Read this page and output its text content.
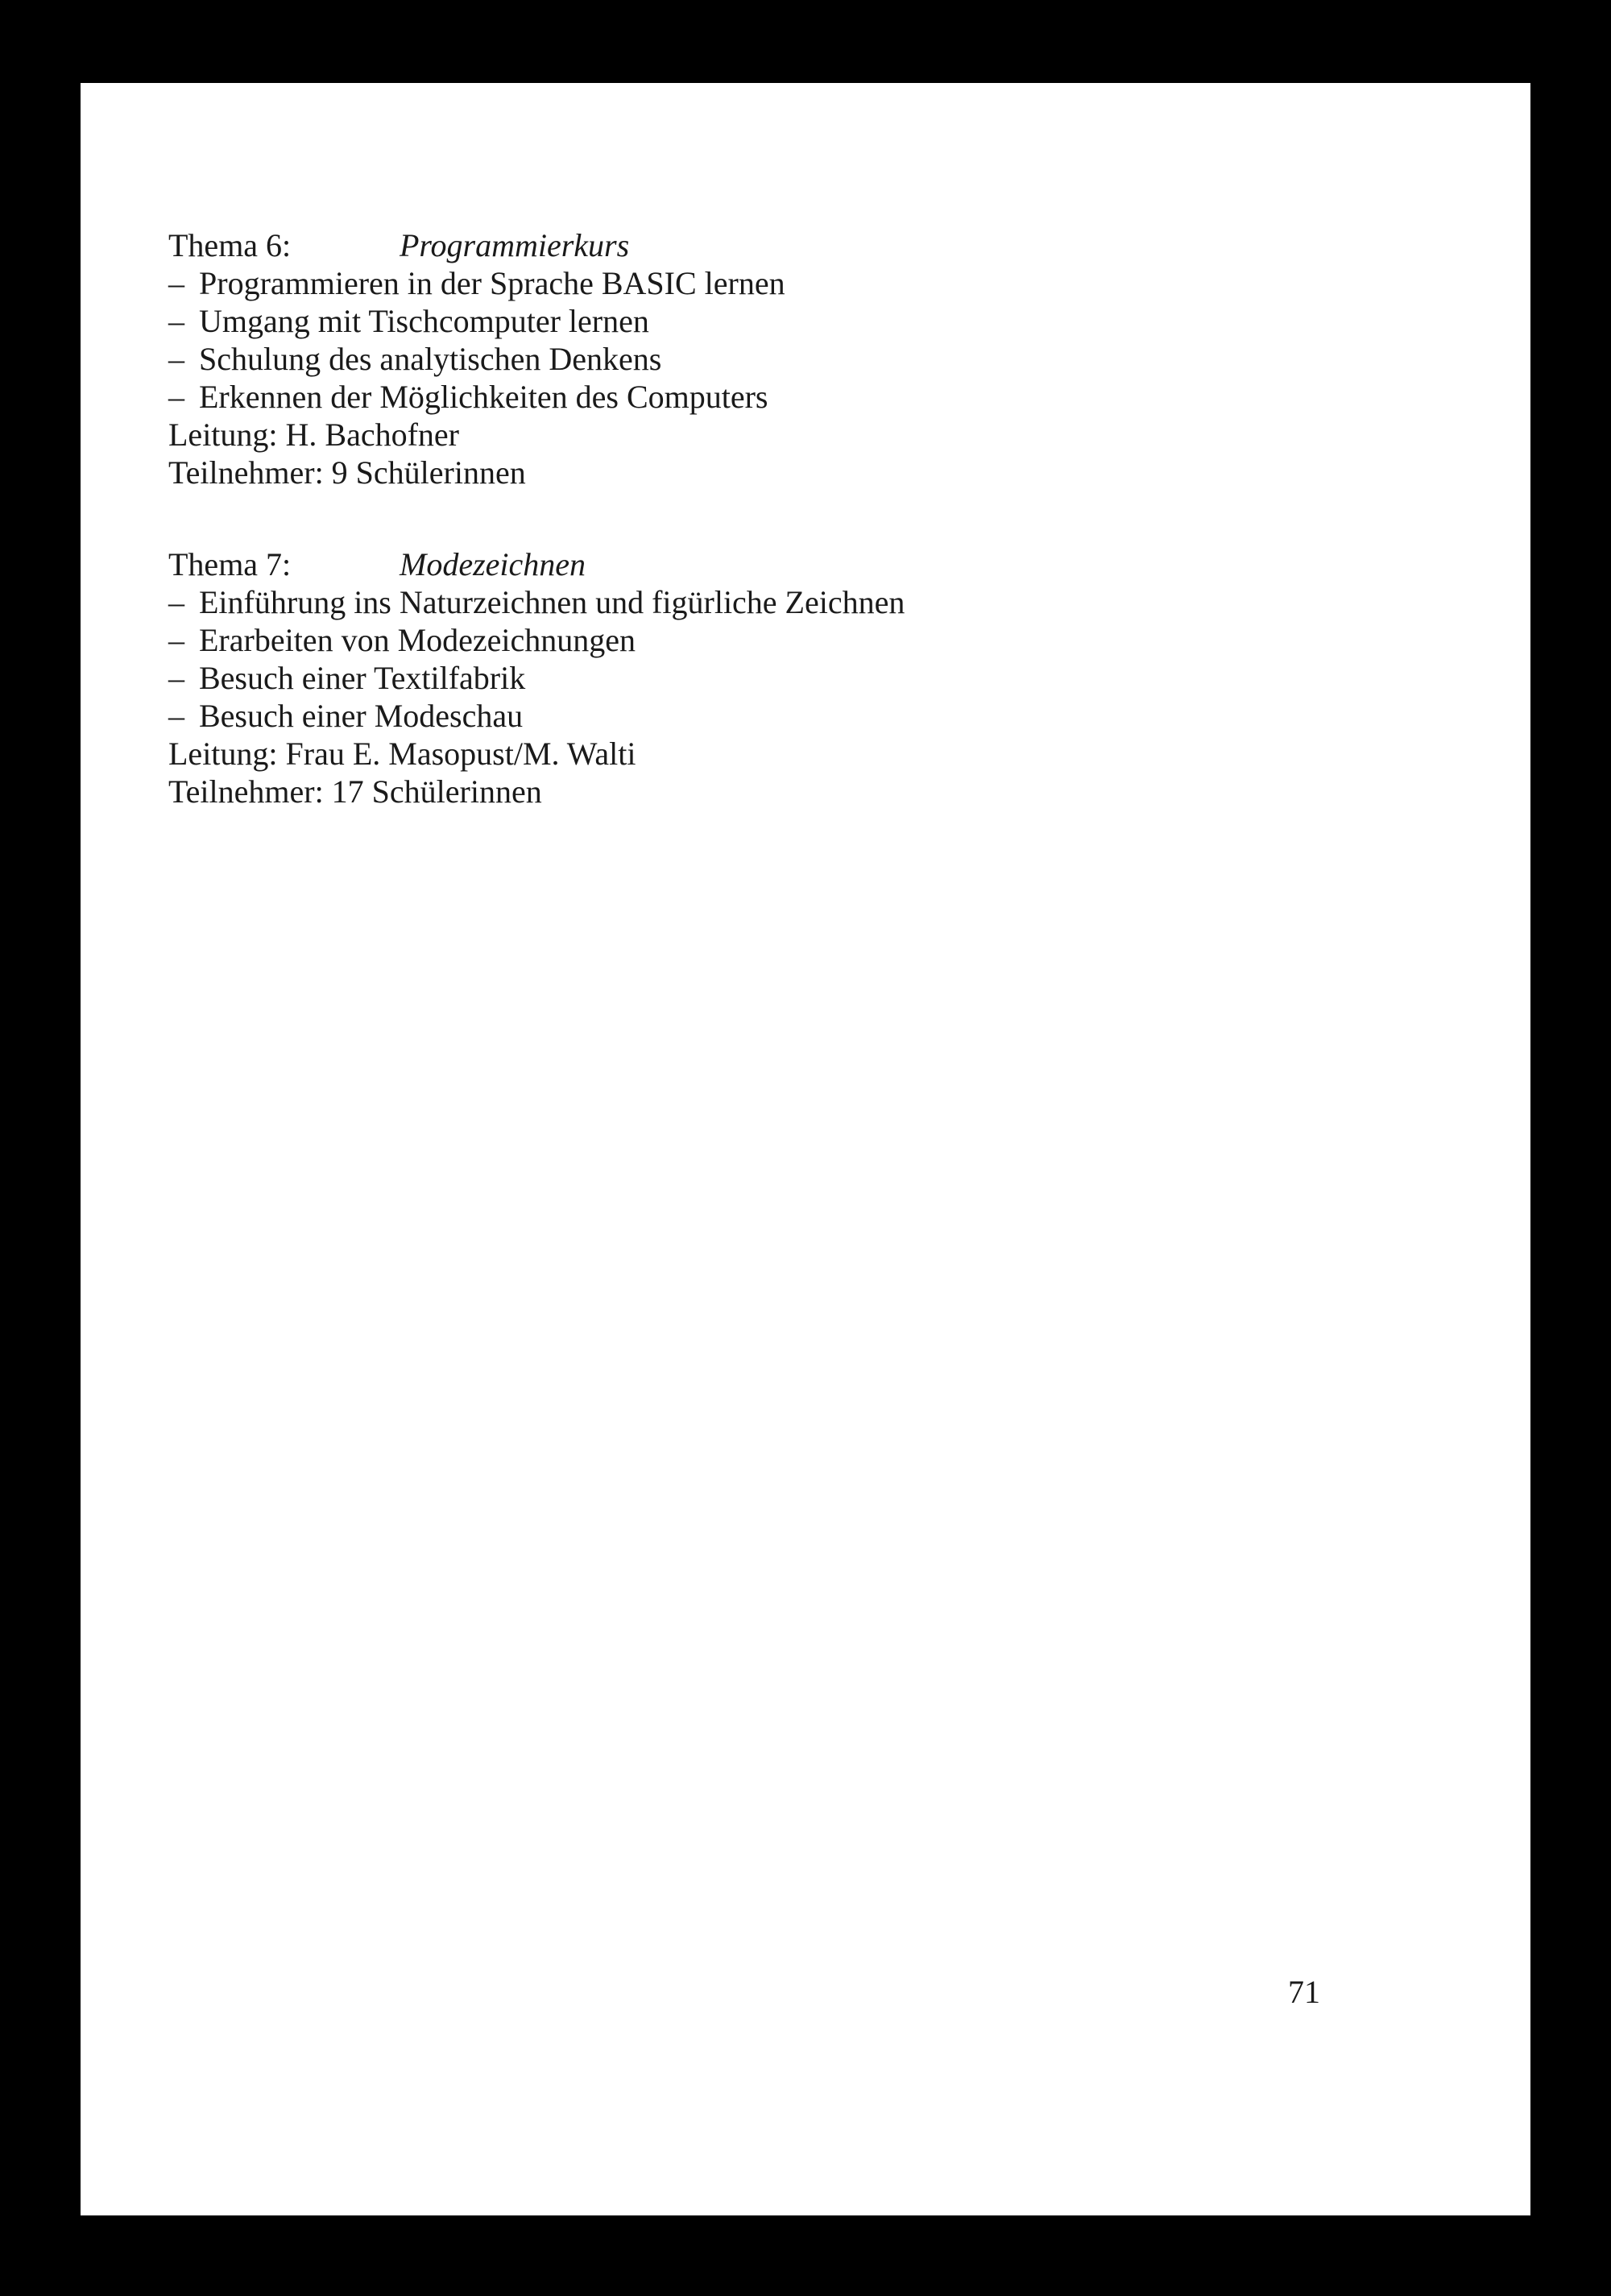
Thema 6:	Programmierkurs
– Programmieren in der Sprache BASIC lernen
– Umgang mit Tischcomputer lernen
– Schulung des analytischen Denkens
– Erkennen der Möglichkeiten des Computers
Leitung: H. Bachofner
Teilnehmer: 9 Schülerinnen
Thema 7:	Modezeichnen
– Einführung ins Naturzeichnen und figürliche Zeichnen
– Erarbeiten von Modezeichnungen
– Besuch einer Textilfabrik
– Besuch einer Modeschau
Leitung: Frau E. Masopust/M. Walti
Teilnehmer: 17 Schülerinnen
71
